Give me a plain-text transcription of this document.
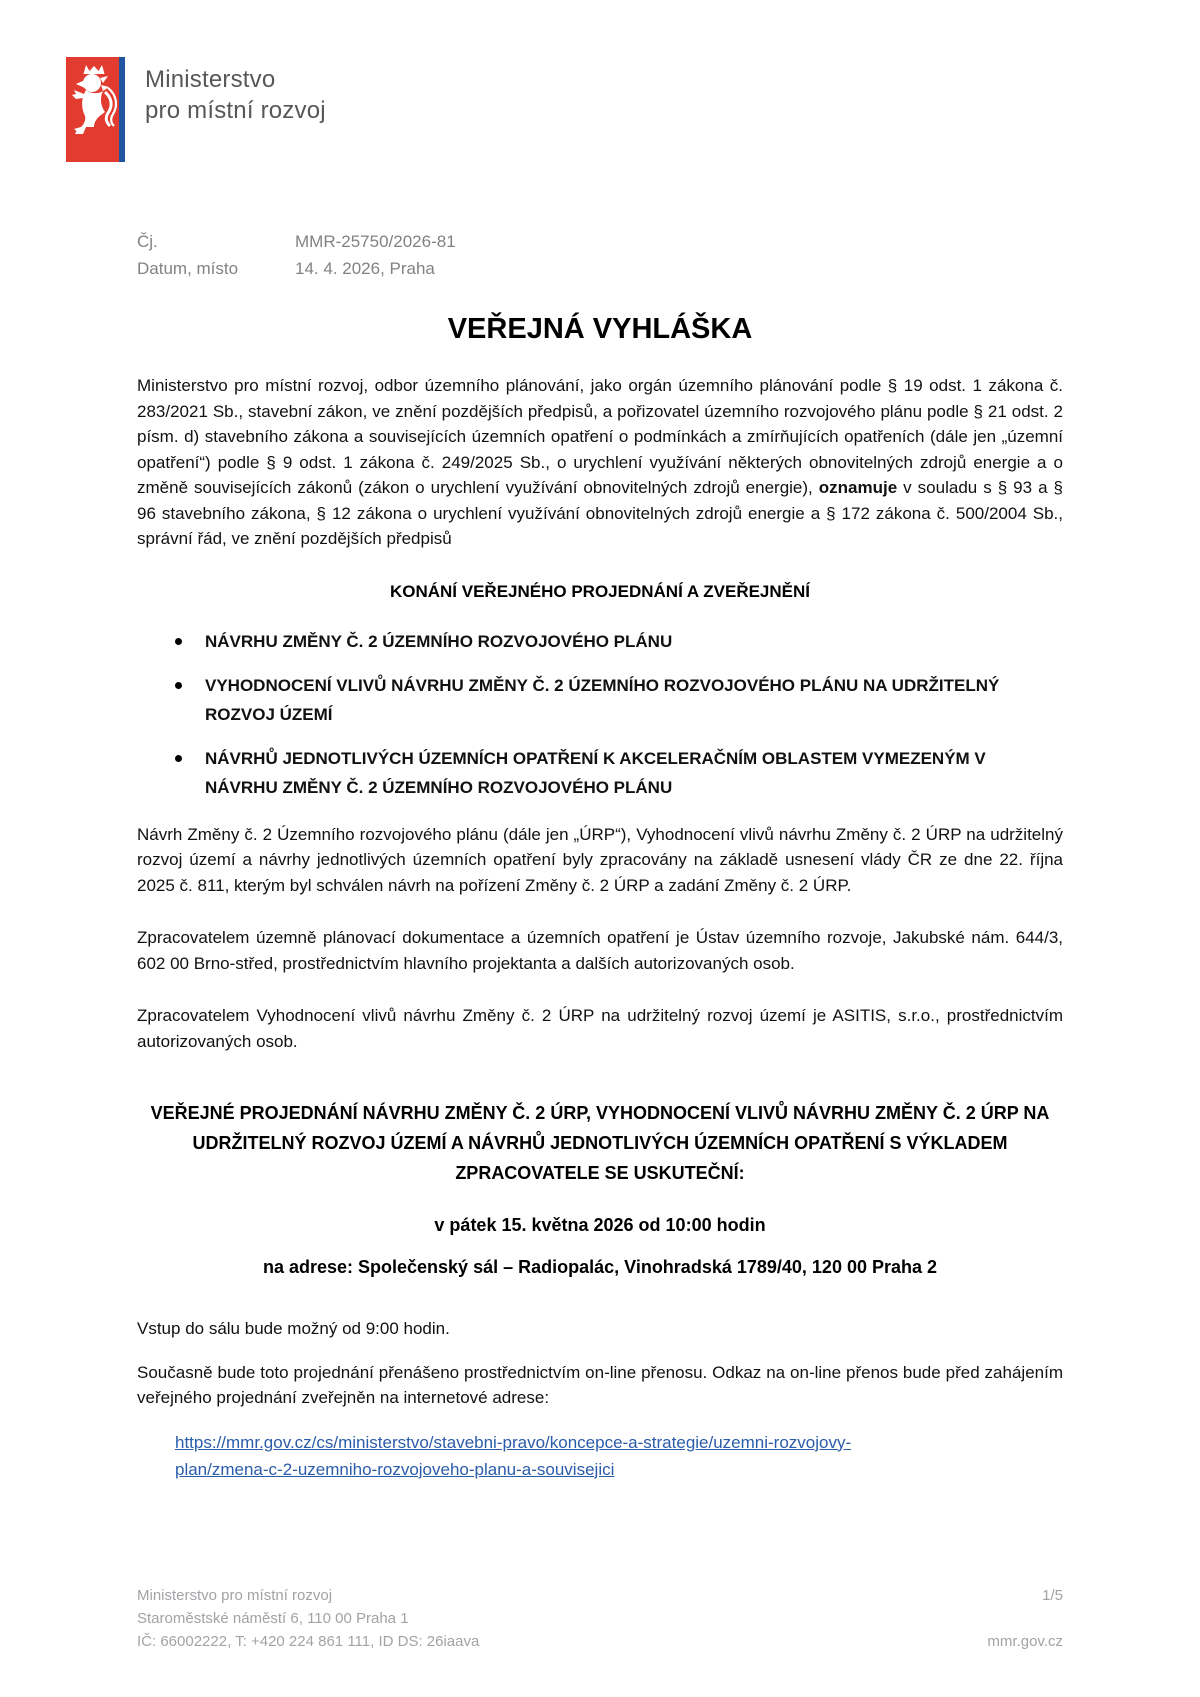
Ministerstvo
pro místní rozvoj
Čj.	MMR-25750/2026-81
Datum, místo	14. 4. 2026, Praha
VEŘEJNÁ VYHLÁŠKA

Ministerstvo pro místní rozvoj, odbor územního plánování, jako orgán územního plánování podle § 19 odst. 1 zákona č. 283/2021 Sb., stavební zákon, ve znění pozdějších předpisů, a pořizovatel územního rozvojového plánu podle § 21 odst. 2 písm. d) stavebního zákona a souvisejících územních opatření o podmínkách a zmírňujících opatřeních (dále jen „územní opatření“) podle § 9 odst. 1 zákona č. 249/2025 Sb., o urychlení využívání některých obnovitelných zdrojů energie a o změně souvisejících zákonů (zákon o urychlení využívání obnovitelných zdrojů energie), oznamuje v souladu s § 93 a § 96 stavebního zákona, § 12 zákona o urychlení využívání obnovitelných zdrojů energie a § 172 zákona č. 500/2004 Sb., správní řád, ve znění pozdějších předpisů

KONÁNÍ VEŘEJNÉHO PROJEDNÁNÍ A ZVEŘEJNĚNÍ
NÁVRHU ZMĚNY Č. 2 ÚZEMNÍHO ROZVOJOVÉHO PLÁNU
VYHODNOCENÍ VLIVŮ NÁVRHU ZMĚNY Č. 2 ÚZEMNÍHO ROZVOJOVÉHO PLÁNU NA UDRŽITELNÝ ROZVOJ ÚZEMÍ
NÁVRHŮ JEDNOTLIVÝCH ÚZEMNÍCH OPATŘENÍ K AKCELERAČNÍM OBLASTEM VYMEZENÝM V NÁVRHU ZMĚNY Č. 2 ÚZEMNÍHO ROZVOJOVÉHO PLÁNU

Návrh Změny č. 2 Územního rozvojového plánu (dále jen „ÚRP“), Vyhodnocení vlivů návrhu Změny č. 2 ÚRP na udržitelný rozvoj území a návrhy jednotlivých územních opatření byly zpracovány na základě usnesení vlády ČR ze dne 22. října 2025 č. 811, kterým byl schválen návrh na pořízení Změny č. 2 ÚRP a zadání Změny č. 2 ÚRP.

Zpracovatelem územně plánovací dokumentace a územních opatření je Ústav územního rozvoje, Jakubské nám. 644/3, 602 00 Brno-střed, prostřednictvím hlavního projektanta a dalších autorizovaných osob.

Zpracovatelem Vyhodnocení vlivů návrhu Změny č. 2 ÚRP na udržitelný rozvoj území je ASITIS, s.r.o., prostřednictvím autorizovaných osob.

VEŘEJNÉ PROJEDNÁNÍ NÁVRHU ZMĚNY Č. 2 ÚRP, VYHODNOCENÍ VLIVŮ NÁVRHU ZMĚNY Č. 2 ÚRP NA UDRŽITELNÝ ROZVOJ ÚZEMÍ A NÁVRHŮ JEDNOTLIVÝCH ÚZEMNÍCH OPATŘENÍ S VÝKLADEM ZPRACOVATELE SE USKUTEČNÍ:

v pátek 15. května 2026 od 10:00 hodin

na adrese: Společenský sál – Radiopalác, Vinohradská 1789/40, 120 00 Praha 2

Vstup do sálu bude možný od 9:00 hodin.

Současně bude toto projednání přenášeno prostřednictvím on-line přenosu. Odkaz na on-line přenos bude před zahájením veřejného projednání zveřejněn na internetové adrese:

https://mmr.gov.cz/cs/ministerstvo/stavebni-pravo/koncepce-a-strategie/uzemni-rozvojovy-plan/zmena-c-2-uzemniho-rozvojoveho-planu-a-souvisejici

Ministerstvo pro místní rozvoj
Staroměstské náměstí 6, 110 00 Praha 1
IČ: 66002222, T: +420 224 861 111, ID DS: 26iaava
1/5
mmr.gov.cz
